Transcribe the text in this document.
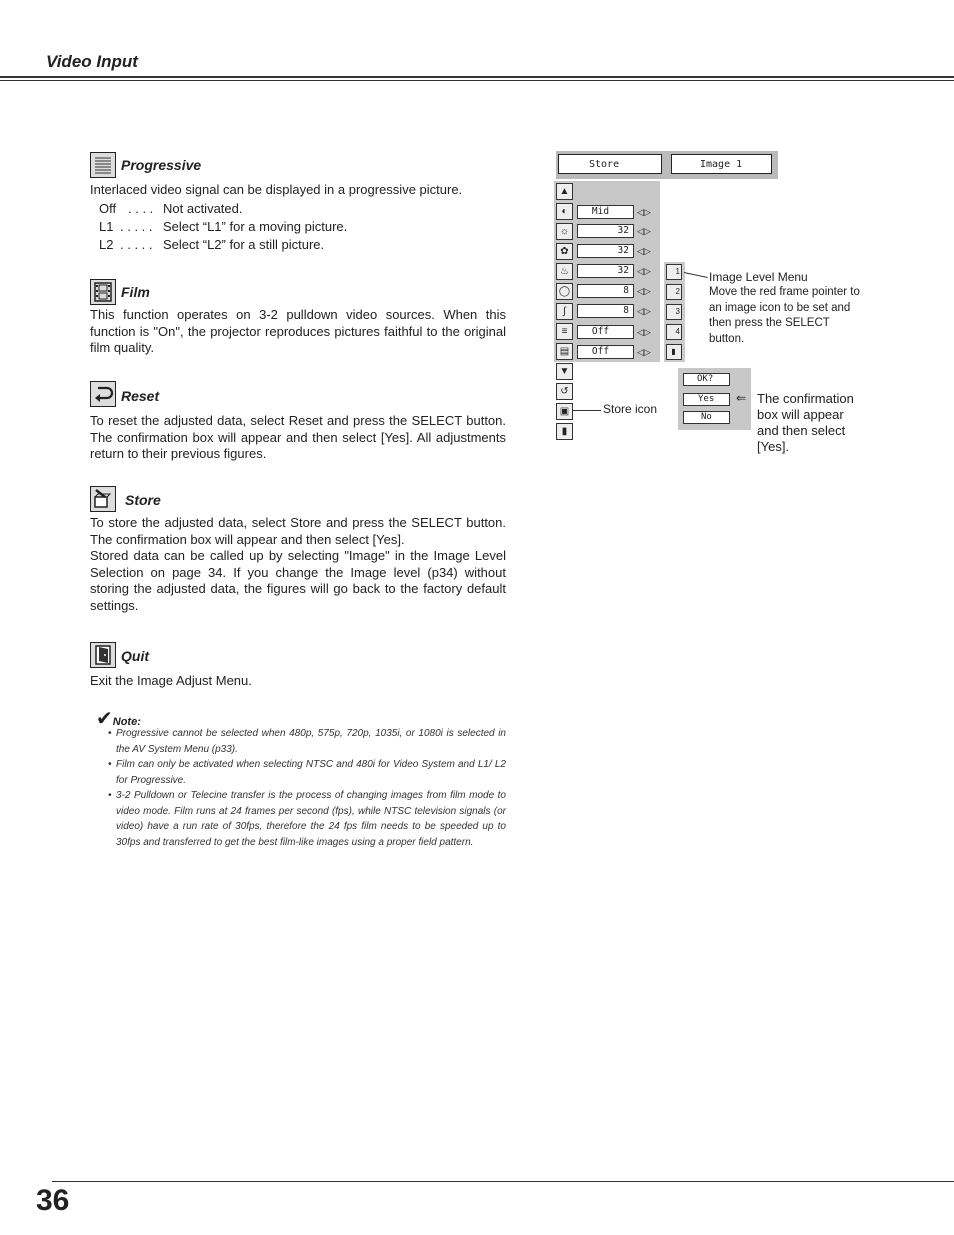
Video Input
Progressive
Interlaced video signal can be displayed in a progressive picture.
Off . . . . Not activated.
L1 . . . . . Select “L1” for a moving picture.
L2 . . . . . Select “L2” for a still picture.
Film
This function operates on 3-2 pulldown video sources. When this function is "On", the projector reproduces pictures faithful to the original film quality.
Reset
To reset the adjusted data, select Reset and press the SELECT button. The confirmation box will appear and then select [Yes]. All adjustments return to their previous figures.
Store
To store the adjusted data, select Store and press the SELECT button. The confirmation box will appear and then select [Yes].
Stored data can be called up by selecting "Image" in the Image Level Selection on page 34. If you change the Image level (p34) without storing the adjusted data, the figures will go back to the factory default settings.
Quit
Exit the Image Adjust Menu.
✔Note:
• Progressive cannot be selected when 480p, 575p, 720p, 1035i, or 1080i is selected in the AV System Menu (p33).
• Film can only be activated when selecting NTSC and 480i for Video System and L1/ L2 for Progressive.
• 3-2 Pulldown or Telecine transfer is the process of changing images from film mode to video mode. Film runs at 24 frames per second (fps), while NTSC television signals (or video) have a run rate of 30fps, therefore the 24 fps film needs to be speeded up to 30fps and transferred to get the best film-like images using a proper field pattern.
Store	Image 1
▲
◐
☼
✿
♨
◯
∫
≡
▤
▼
↺
▣
▮
Mid
32
32
32
8
8
Off
Off
◁▷
◁▷
◁▷
◁▷
◁▷
◁▷
◁▷
◁▷
1
2
3
4
▮
Image Level Menu
Move the red frame pointer to an image icon to be set and then press the SELECT button.
Store icon
OK?
Yes
No
⇐ The confirmation box will appear and then select [Yes].
36
